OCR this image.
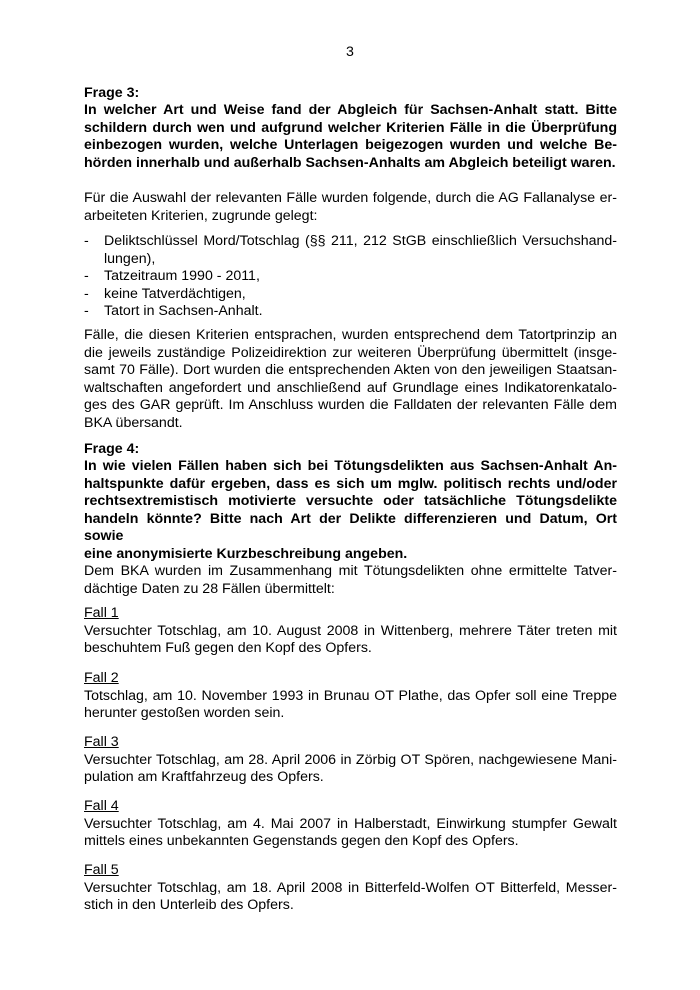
3
Frage 3:
In welcher Art und Weise fand der Abgleich für Sachsen-Anhalt statt. Bitte
schildern durch wen und aufgrund welcher Kriterien Fälle in die Überprüfung
einbezogen wurden, welche Unterlagen beigezogen wurden und welche Be-
hörden innerhalb und außerhalb Sachsen-Anhalts am Abgleich beteiligt waren.
Für die Auswahl der relevanten Fälle wurden folgende, durch die AG Fallanalyse er-
arbeiteten Kriterien, zugrunde gelegt:
- Deliktschlüssel Mord/Totschlag (§§ 211, 212 StGB einschließlich Versuchshand-
lungen),
- Tatzeitraum 1990 - 2011,
- keine Tatverdächtigen,
- Tatort in Sachsen-Anhalt.
Fälle, die diesen Kriterien entsprachen, wurden entsprechend dem Tatortprinzip an
die jeweils zuständige Polizeidirektion zur weiteren Überprüfung übermittelt (insge-
samt 70 Fälle). Dort wurden die entsprechenden Akten von den jeweiligen Staatsan-
waltschaften angefordert und anschließend auf Grundlage eines Indikatorenkatalo-
ges des GAR geprüft. Im Anschluss wurden die Falldaten der relevanten Fälle dem
BKA übersandt.
Frage 4:
In wie vielen Fällen haben sich bei Tötungsdelikten aus Sachsen-Anhalt An-
haltspunkte dafür ergeben, dass es sich um mglw. politisch rechts und/oder
rechtsextremistisch motivierte versuchte oder tatsächliche Tötungsdelikte
handeln könnte? Bitte nach Art der Delikte differenzieren und Datum, Ort sowie
eine anonymisierte Kurzbeschreibung angeben.
Dem BKA wurden im Zusammenhang mit Tötungsdelikten ohne ermittelte Tatver-
dächtige Daten zu 28 Fällen übermittelt:
Fall 1
Versuchter Totschlag, am 10. August 2008 in Wittenberg, mehrere Täter treten mit
beschuhtem Fuß gegen den Kopf des Opfers.
Fall 2
Totschlag, am 10. November 1993 in Brunau OT Plathe, das Opfer soll eine Treppe
herunter gestoßen worden sein.
Fall 3
Versuchter Totschlag, am 28. April 2006 in Zörbig OT Spören, nachgewiesene Mani-
pulation am Kraftfahrzeug des Opfers.
Fall 4
Versuchter Totschlag, am 4. Mai 2007 in Halberstadt, Einwirkung stumpfer Gewalt
mittels eines unbekannten Gegenstands gegen den Kopf des Opfers.
Fall 5
Versuchter Totschlag, am 18. April 2008 in Bitterfeld-Wolfen OT Bitterfeld, Messer-
stich in den Unterleib des Opfers.
